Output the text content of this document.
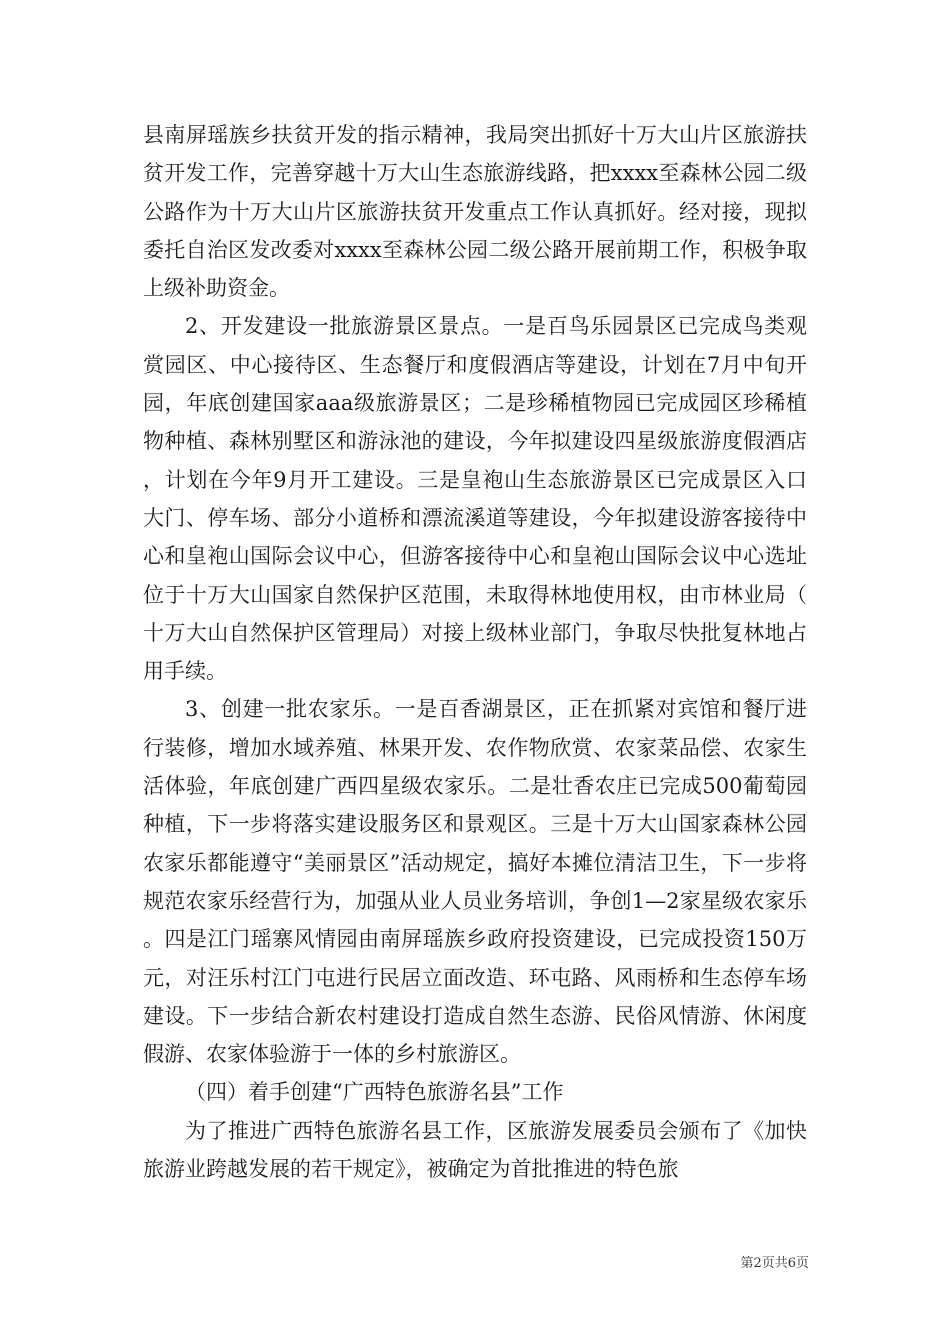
县南屏瑶族乡扶贫开发的指示精神，我局突出抓好十万大山片区旅游扶贫开发工作，完善穿越十万大山生态旅游线路，把xxxx至森林公园二级公路作为十万大山片区旅游扶贫开发重点工作认真抓好。经对接，现拟委托自治区发改委对xxxx至森林公园二级公路开展前期工作，积极争取上级补助资金。

2、开发建设一批旅游景区景点。一是百鸟乐园景区已完成鸟类观赏园区、中心接待区、生态餐厅和度假酒店等建设，计划在7月中旬开园，年底创建国家aaa级旅游景区；二是珍稀植物园已完成园区珍稀植物种植、森林别墅区和游泳池的建设，今年拟建设四星级旅游度假酒店，计划在今年9月开工建设。三是皇袍山生态旅游景区已完成景区入口大门、停车场、部分小道桥和漂流溪道等建设，今年拟建设游客接待中心和皇袍山国际会议中心，但游客接待中心和皇袍山国际会议中心选址位于十万大山国家自然保护区范围，未取得林地使用权，由市林业局（十万大山自然保护区管理局）对接上级林业部门，争取尽快批复林地占用手续。

3、创建一批农家乐。一是百香湖景区，正在抓紧对宾馆和餐厅进行装修，增加水域养殖、林果开发、农作物欣赏、农家菜品偿、农家生活体验，年底创建广西四星级农家乐。二是壮香农庄已完成500葡萄园种植，下一步将落实建设服务区和景观区。三是十万大山国家森林公园农家乐都能遵守“美丽景区”活动规定，搞好本摊位清洁卫生，下一步将规范农家乐经营行为，加强从业人员业务培训，争创1—2家星级农家乐。四是江门瑶寨风情园由南屏瑶族乡政府投资建设，已完成投资150万元，对汪乐村江门屯进行民居立面改造、环屯路、风雨桥和生态停车场建设。下一步结合新农村建设打造成自然生态游、民俗风情游、休闲度假游、农家体验游于一体的乡村旅游区。

（四）着手创建“广西特色旅游名县”工作

为了推进广西特色旅游名县工作，区旅游发展委员会颁布了《加快旅游业跨越发展的若干规定》，被确定为首批推进的特色旅

第2页共6页
